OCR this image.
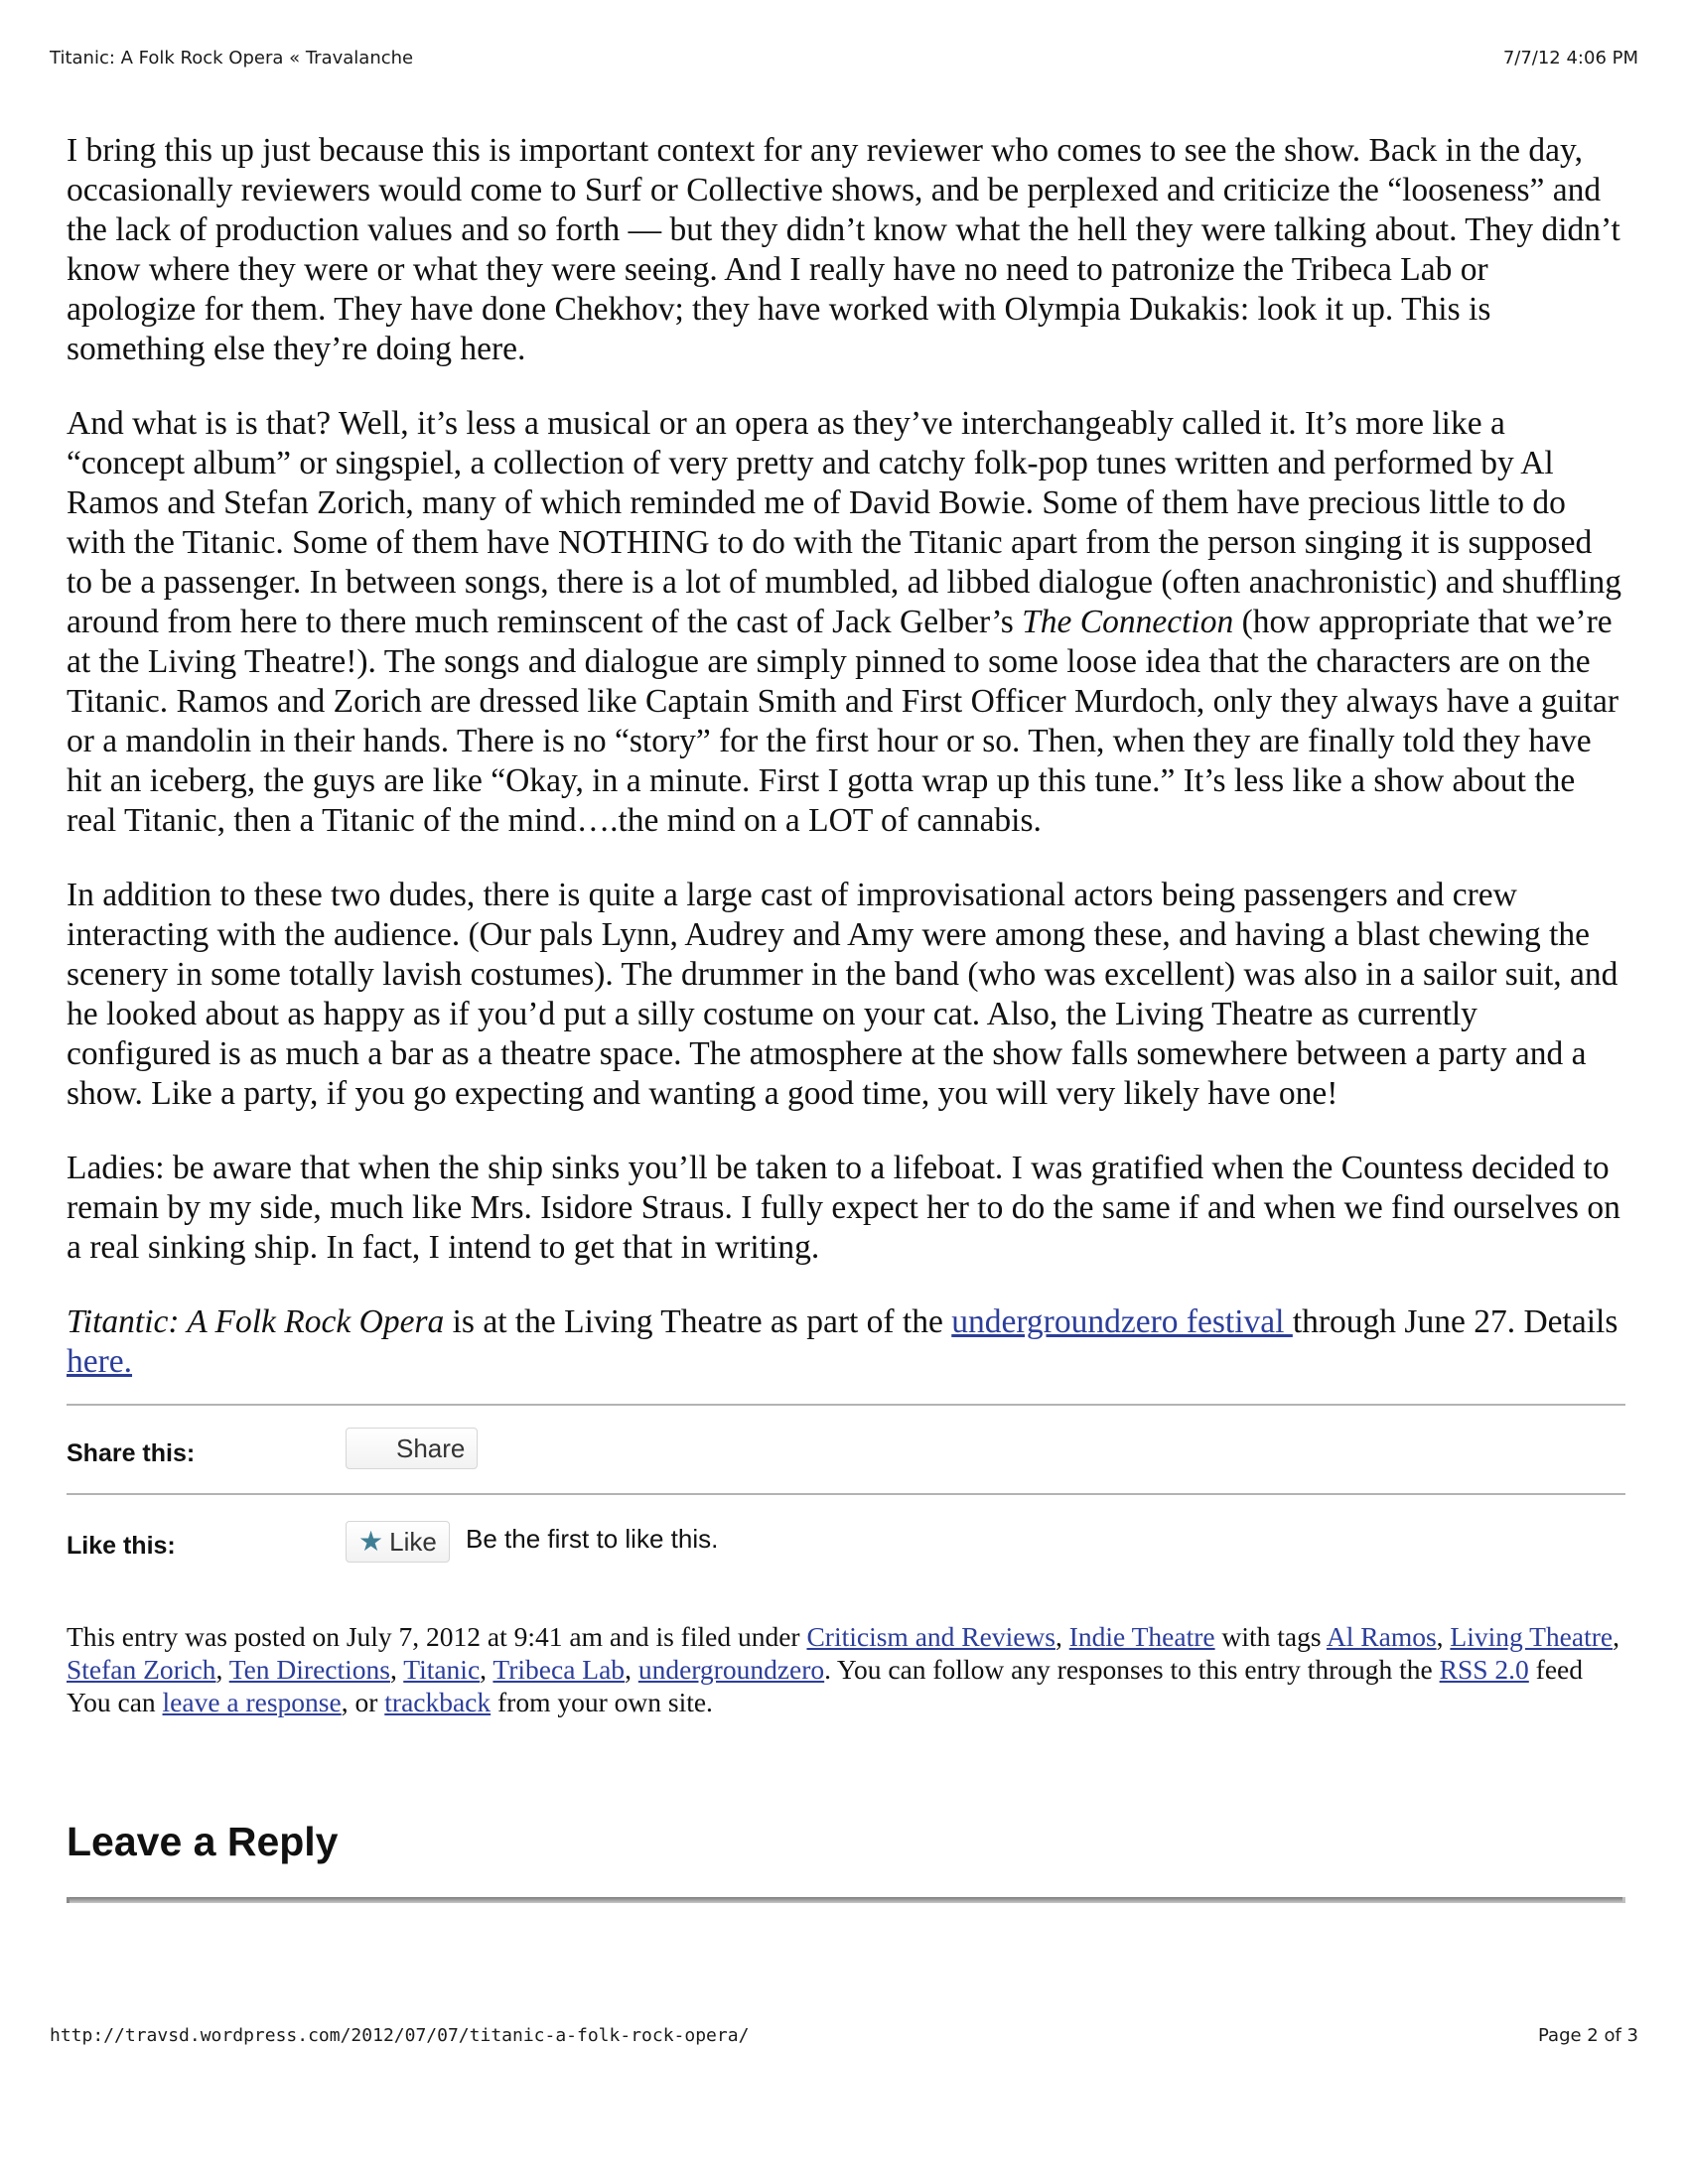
Titanic: A Folk Rock Opera « Travalanche	7/7/12 4:06 PM

I bring this up just because this is important context for any reviewer who comes to see the show. Back in the day, occasionally reviewers would come to Surf or Collective shows, and be perplexed and criticize the “looseness” and the lack of production values and so forth — but they didn’t know what the hell they were talking about. They didn’t know where they were or what they were seeing. And I really have no need to patronize the Tribeca Lab or apologize for them. They have done Chekhov; they have worked with Olympia Dukakis: look it up. This is something else they’re doing here.

And what is is that? Well, it’s less a musical or an opera as they’ve interchangeably called it. It’s more like a “concept album” or singspiel, a collection of very pretty and catchy folk-pop tunes written and performed by Al Ramos and Stefan Zorich, many of which reminded me of David Bowie. Some of them have precious little to do with the Titanic. Some of them have NOTHING to do with the Titanic apart from the person singing it is supposed to be a passenger. In between songs, there is a lot of mumbled, ad libbed dialogue (often anachronistic) and shuffling around from here to there much reminscent of the cast of Jack Gelber’s The Connection (how appropriate that we’re at the Living Theatre!). The songs and dialogue are simply pinned to some loose idea that the characters are on the Titanic. Ramos and Zorich are dressed like Captain Smith and First Officer Murdoch, only they always have a guitar or a mandolin in their hands. There is no “story” for the first hour or so. Then, when they are finally told they have hit an iceberg, the guys are like “Okay, in a minute. First I gotta wrap up this tune.” It’s less like a show about the real Titanic, then a Titanic of the mind….the mind on a LOT of cannabis.

In addition to these two dudes, there is quite a large cast of improvisational actors being passengers and crew interacting with the audience. (Our pals Lynn, Audrey and Amy were among these, and having a blast chewing the scenery in some totally lavish costumes). The drummer in the band (who was excellent) was also in a sailor suit, and he looked about as happy as if you’d put a silly costume on your cat. Also, the Living Theatre as currently configured is as much a bar as a theatre space. The atmosphere at the show falls somewhere between a party and a show. Like a party, if you go expecting and wanting a good time, you will very likely have one!

Ladies: be aware that when the ship sinks you’ll be taken to a lifeboat. I was gratified when the Countess decided to remain by my side, much like Mrs. Isidore Straus. I fully expect her to do the same if and when we find ourselves on a real sinking ship. In fact, I intend to get that in writing.

Titantic: A Folk Rock Opera is at the Living Theatre as part of the undergroundzero festival through June 27. Details here.

Share this:	Share
Like this:	★ Like Be the first to like this.
This entry was posted on July 7, 2012 at 9:41 am and is filed under Criticism and Reviews, Indie Theatre with tags Al Ramos, Living Theatre, Stefan Zorich, Ten Directions, Titanic, Tribeca Lab, undergroundzero. You can follow any responses to this entry through the RSS 2.0 feed You can leave a response, or trackback from your own site.
Leave a Reply
http://travsd.wordpress.com/2012/07/07/titanic-a-folk-rock-opera/	Page 2 of 3
